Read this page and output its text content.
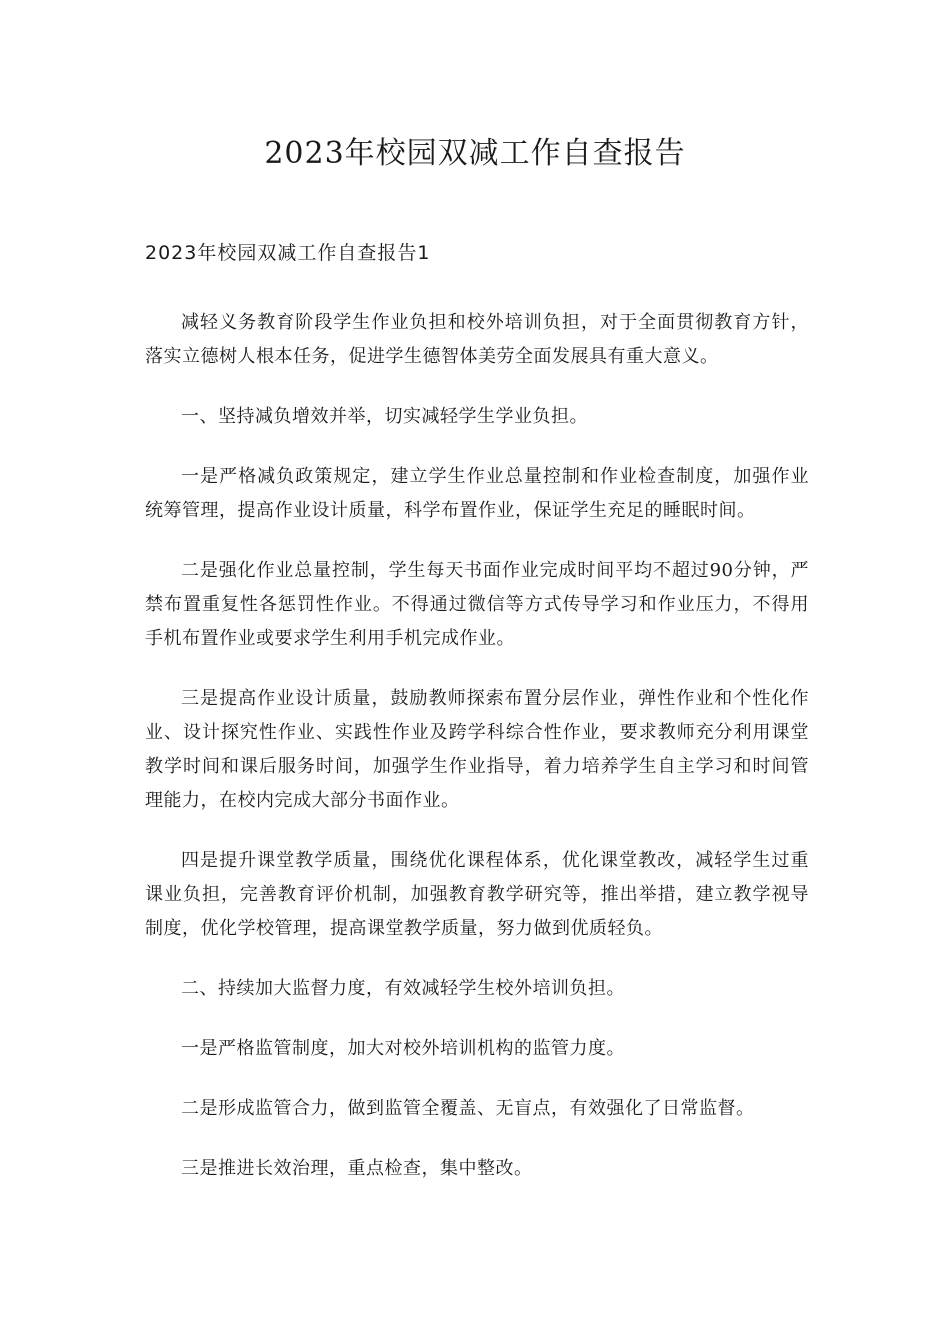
2023年校园双减工作自查报告
2023年校园双减工作自查报告1

减轻义务教育阶段学生作业负担和校外培训负担，对于全面贯彻教育方针，落实立德树人根本任务，促进学生德智体美劳全面发展具有重大意义。

一、坚持减负增效并举，切实减轻学生学业负担。

一是严格减负政策规定，建立学生作业总量控制和作业检查制度，加强作业统筹管理，提高作业设计质量，科学布置作业，保证学生充足的睡眠时间。

二是强化作业总量控制，学生每天书面作业完成时间平均不超过90分钟，严禁布置重复性各惩罚性作业。不得通过微信等方式传导学习和作业压力，不得用手机布置作业或要求学生利用手机完成作业。

三是提高作业设计质量，鼓励教师探索布置分层作业，弹性作业和个性化作业、设计探究性作业、实践性作业及跨学科综合性作业，要求教师充分利用课堂教学时间和课后服务时间，加强学生作业指导，着力培养学生自主学习和时间管理能力，在校内完成大部分书面作业。

四是提升课堂教学质量，围绕优化课程体系，优化课堂教改，减轻学生过重课业负担，完善教育评价机制，加强教育教学研究等，推出举措，建立教学视导制度，优化学校管理，提高课堂教学质量，努力做到优质轻负。

二、持续加大监督力度，有效减轻学生校外培训负担。

一是严格监管制度，加大对校外培训机构的监管力度。

二是形成监管合力，做到监管全覆盖、无盲点，有效强化了日常监督。

三是推进长效治理，重点检查，集中整改。
